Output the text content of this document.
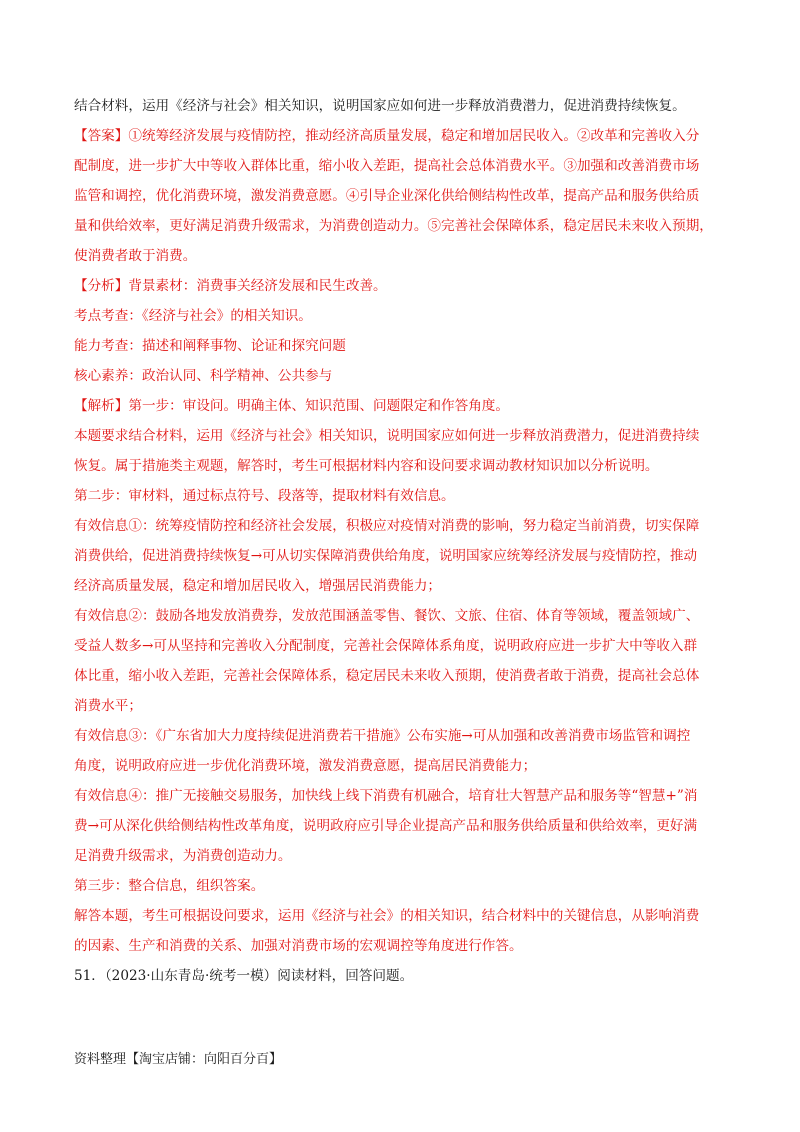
结合材料，运用《经济与社会》相关知识，说明国家应如何进一步释放消费潜力，促进消费持续恢复。
【答案】①统筹经济发展与疫情防控，推动经济高质量发展，稳定和增加居民收入。②改革和完善收入分
配制度，进一步扩大中等收入群体比重，缩小收入差距，提高社会总体消费水平。③加强和改善消费市场
监管和调控，优化消费环境，激发消费意愿。④引导企业深化供给侧结构性改革，提高产品和服务供给质
量和供给效率，更好满足消费升级需求，为消费创造动力。⑤完善社会保障体系，稳定居民未来收入预期，
使消费者敢于消费。
【分析】背景素材：消费事关经济发展和民生改善。
考点考查：《经济与社会》的相关知识。
能力考查：描述和阐释事物、论证和探究问题
核心素养：政治认同、科学精神、公共参与
【解析】第一步：审设问。明确主体、知识范围、问题限定和作答角度。
本题要求结合材料，运用《经济与社会》相关知识，说明国家应如何进一步释放消费潜力，促进消费持续
恢复。属于措施类主观题，解答时，考生可根据材料内容和设问要求调动教材知识加以分析说明。
第二步：审材料，通过标点符号、段落等，提取材料有效信息。
有效信息①：统筹疫情防控和经济社会发展，积极应对疫情对消费的影响，努力稳定当前消费，切实保障
消费供给，促进消费持续恢复→可从切实保障消费供给角度，说明国家应统筹经济发展与疫情防控，推动
经济高质量发展，稳定和增加居民收入，增强居民消费能力；
有效信息②：鼓励各地发放消费券，发放范围涵盖零售、餐饮、文旅、住宿、体育等领域，覆盖领域广、
受益人数多→可从坚持和完善收入分配制度，完善社会保障体系角度，说明政府应进一步扩大中等收入群
体比重，缩小收入差距，完善社会保障体系，稳定居民未来收入预期，使消费者敢于消费，提高社会总体
消费水平；
有效信息③：《广东省加大力度持续促进消费若干措施》公布实施→可从加强和改善消费市场监管和调控
角度，说明政府应进一步优化消费环境，激发消费意愿，提高居民消费能力；
有效信息④：推广无接触交易服务，加快线上线下消费有机融合，培育壮大智慧产品和服务等“智慧+”消
费→可从深化供给侧结构性改革角度，说明政府应引导企业提高产品和服务供给质量和供给效率，更好满
足消费升级需求，为消费创造动力。
第三步：整合信息，组织答案。
解答本题，考生可根据设问要求，运用《经济与社会》的相关知识，结合材料中的关键信息，从影响消费
的因素、生产和消费的关系、加强对消费市场的宏观调控等角度进行作答。
51．（2023·山东青岛·统考一模）阅读材料，回答问题。
资料整理【淘宝店铺：向阳百分百】
